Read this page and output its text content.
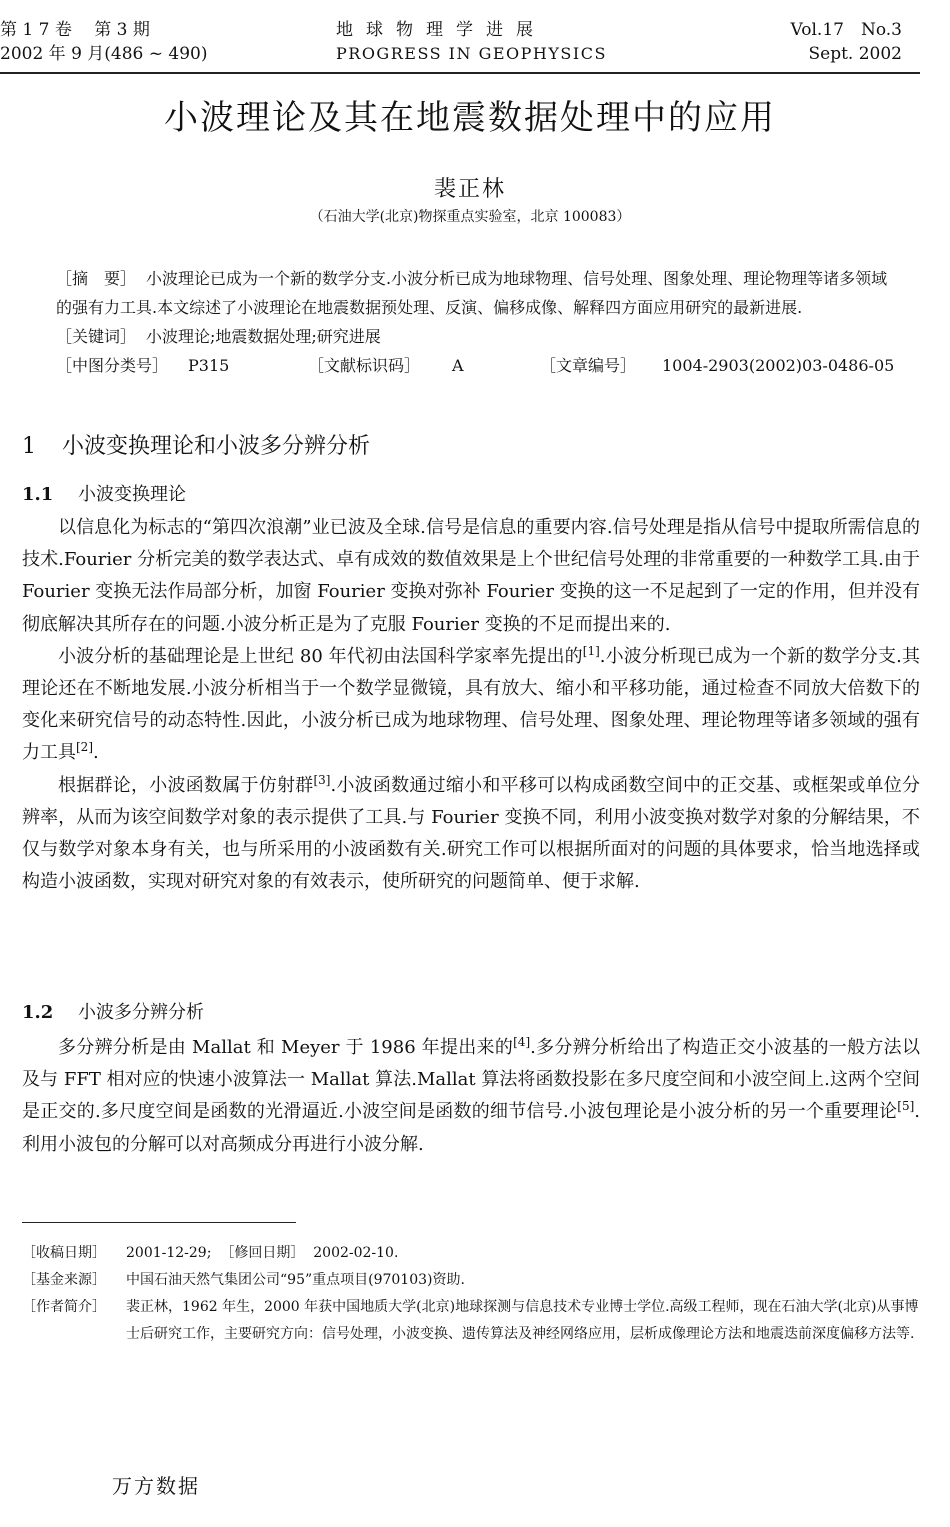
第 1 7 卷　 第 3 期
2002 年 9 月(486 ~ 490)
地球物理学进展
PROGRESS IN GEOPHYSICS
Vol.17　No.3
Sept. 2002
小波理论及其在地震数据处理中的应用
裴正林
（石油大学(北京)物探重点实验室，北京 100083）

［摘　要］ 小波理论已成为一个新的数学分支.小波分析已成为地球物理、信号处理、图象处理、理论物理等诸多领域的强有力工具.本文综述了小波理论在地震数据预处理、反演、偏移成像、解释四方面应用研究的最新进展.

［关键词］ 小波理论;地震数据处理;研究进展

［中图分类号］ P315	［文献标识码］ A	［文章编号］ 1004-2903(2002)03-0486-05
1 小波变换理论和小波多分辨分析
1.1 小波变换理论

以信息化为标志的“第四次浪潮”业已波及全球.信号是信息的重要内容.信号处理是指从信号中提取所需信息的技术.Fourier 分析完美的数学表达式、卓有成效的数值效果是上个世纪信号处理的非常重要的一种数学工具.由于 Fourier 变换无法作局部分析，加窗 Fourier 变换对弥补 Fourier 变换的这一不足起到了一定的作用，但并没有彻底解决其所存在的问题.小波分析正是为了克服 Fourier 变换的不足而提出来的.

小波分析的基础理论是上世纪 80 年代初由法国科学家率先提出的[1].小波分析现已成为一个新的数学分支.其理论还在不断地发展.小波分析相当于一个数学显微镜，具有放大、缩小和平移功能，通过检查不同放大倍数下的变化来研究信号的动态特性.因此，小波分析已成为地球物理、信号处理、图象处理、理论物理等诸多领域的强有力工具[2].

根据群论，小波函数属于仿射群[3].小波函数通过缩小和平移可以构成函数空间中的正交基、或框架或单位分辨率，从而为该空间数学对象的表示提供了工具.与 Fourier 变换不同，利用小波变换对数学对象的分解结果，不仅与数学对象本身有关，也与所采用的小波函数有关.研究工作可以根据所面对的问题的具体要求，恰当地选择或构造小波函数，实现对研究对象的有效表示，使所研究的问题简单、便于求解.

1.2 小波多分辨分析

多分辨分析是由 Mallat 和 Meyer 于 1986 年提出来的[4].多分辨分析给出了构造正交小波基的一般方法以及与 FFT 相对应的快速小波算法一 Mallat 算法.Mallat 算法将函数投影在多尺度空间和小波空间上.这两个空间是正交的.多尺度空间是函数的光滑逼近.小波空间是函数的细节信号.小波包理论是小波分析的另一个重要理论[5].利用小波包的分解可以对高频成分再进行小波分解.

［收稿日期］ 2001-12-29; ［修回日期］ 2002-02-10.
［基金来源］ 中国石油天然气集团公司“95”重点项目(970103)资助.
［作者简介］ 裴正林，1962 年生，2000 年获中国地质大学(北京)地球探测与信息技术专业博士学位.高级工程师，现在石油大学(北京)从事博士后研究工作，主要研究方向：信号处理，小波变换、遗传算法及神经网络应用，层析成像理论方法和地震迭前深度偏移方法等.
万方数据
